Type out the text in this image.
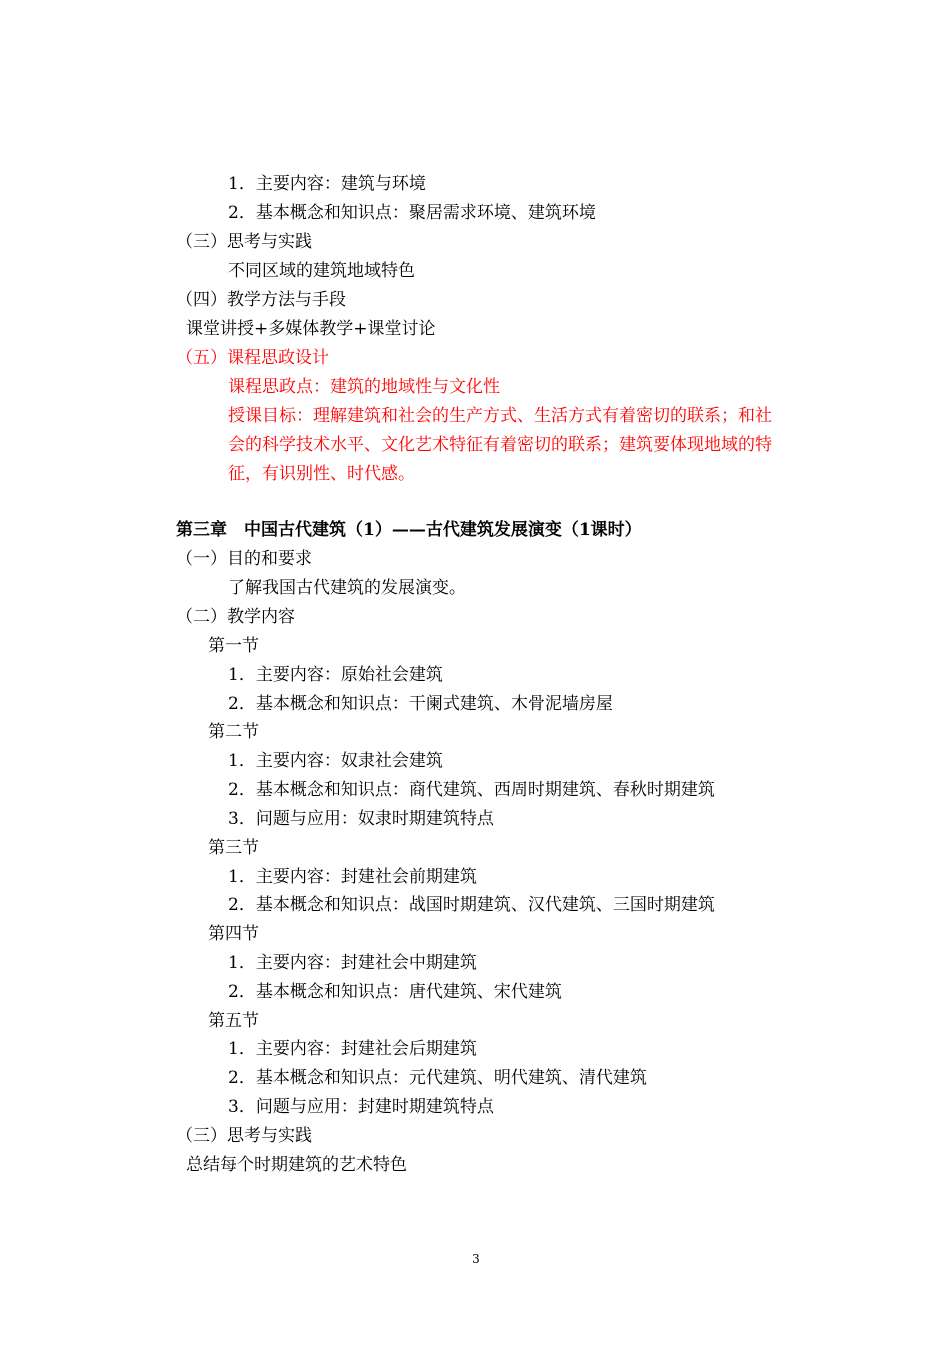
1．主要内容：建筑与环境
2．基本概念和知识点：聚居需求环境、建筑环境
（三）思考与实践
不同区域的建筑地域特色
（四）教学方法与手段
课堂讲授+多媒体教学+课堂讨论
（五）课程思政设计
课程思政点：建筑的地域性与文化性
授课目标：理解建筑和社会的生产方式、生活方式有着密切的联系；和社
会的科学技术水平、文化艺术特征有着密切的联系；建筑要体现地域的特
征，有识别性、时代感。
第三章　中国古代建筑（1）——古代建筑发展演变（1课时）
（一）目的和要求
了解我国古代建筑的发展演变。
（二）教学内容
第一节
1．主要内容：原始社会建筑
2．基本概念和知识点：干阑式建筑、木骨泥墙房屋
第二节
1．主要内容：奴隶社会建筑
2．基本概念和知识点：商代建筑、西周时期建筑、春秋时期建筑
3．问题与应用：奴隶时期建筑特点
第三节
1．主要内容：封建社会前期建筑
2．基本概念和知识点：战国时期建筑、汉代建筑、三国时期建筑
第四节
1．主要内容：封建社会中期建筑
2．基本概念和知识点：唐代建筑、宋代建筑
第五节
1．主要内容：封建社会后期建筑
2．基本概念和知识点：元代建筑、明代建筑、清代建筑
3．问题与应用：封建时期建筑特点
（三）思考与实践
总结每个时期建筑的艺术特色
3
